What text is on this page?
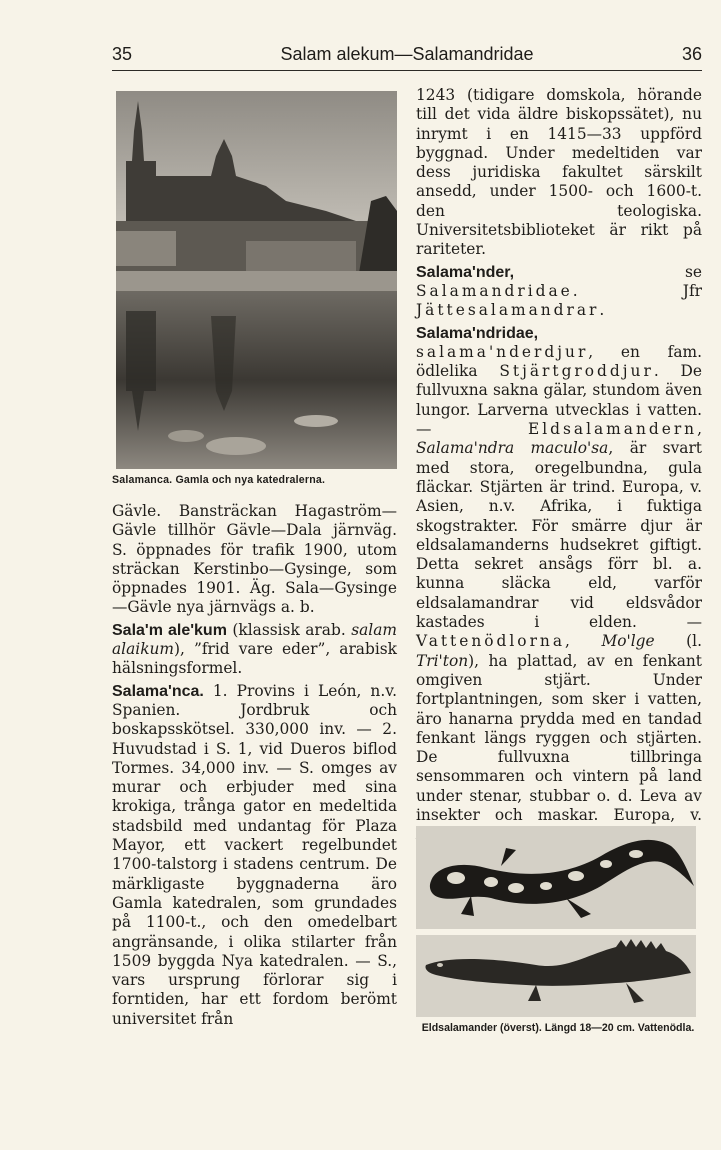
35	Salam alekum—Salamandridae	36
Salamanca. Gamla och nya katedralerna.

Gävle. Bansträckan Hagaström—Gävle tillhör Gävle—Dala järnväg. S. öppnades för trafik 1900, utom sträckan Kerstinbo—Gysinge, som öppnades 1901. Äg. Sala—Gysinge—Gävle nya järnvägs a. b.

Sala'm ale'kum (klassisk arab. salam alaikum), ”frid vare eder”, arabisk hälsningsformel.

Salama'nca. 1. Provins i León, n.v. Spanien. Jordbruk och boskapsskötsel. 330,000 inv. — 2. Huvudstad i S. 1, vid Dueros biflod Tormes. 34,000 inv. — S. omges av murar och erbjuder med sina krokiga, trånga gator en medeltida stadsbild med undantag för Plaza Mayor, ett vackert regelbundet 1700-talstorg i stadens centrum. De märkligaste byggnaderna äro Gamla katedralen, som grundades på 1100-t., och den omedelbart angränsande, i olika stilarter från 1509 byggda Nya katedralen. — S., vars ursprung förlorar sig i forntiden, har ett fordom berömt universitet från

1243 (tidigare domskola, hörande till det vida äldre biskopssätet), nu inrymt i en 1415—33 uppförd byggnad. Under medeltiden var dess juridiska fakultet särskilt ansedd, under 1500- och 1600-t. den teologiska. Universitetsbiblioteket är rikt på rariteter.

Salama'nder,	se Salamandridae. Jfr Jättesalamandrar.

Salama'ndridae, salama'nderdjur, en fam. ödlelika Stjärtgroddjur. De fullvuxna sakna gälar, stundom även lungor. Larverna utvecklas i vatten. —	Eldsalamandern, Salama'ndra maculo'sa, är svart med stora, oregelbundna, gula fläckar. Stjärten är trind. Europa, v. Asien, n.v. Afrika, i fuktiga skogstrakter. För smärre djur är eldsalamanderns hudsekret giftigt. Detta sekret ansågs förr bl. a. kunna släcka eld, varför eldsalamandrar vid eldsvådor kastades i elden. — Vattenödlorna, Mo'lge (l. Tri'ton), ha plattad, av en fenkant omgiven stjärt. Under fortplantningen, som sker i vatten, äro hanarna prydda med en tandad fenkant längs ryggen och stjärten. De fullvuxna tillbringa sensommaren och vintern på land under stenar, stubbar o. d. Leva av insekter och maskar. Europa, v.

Eldsalamander (överst). Längd 18—20 cm. Vattenödla.
